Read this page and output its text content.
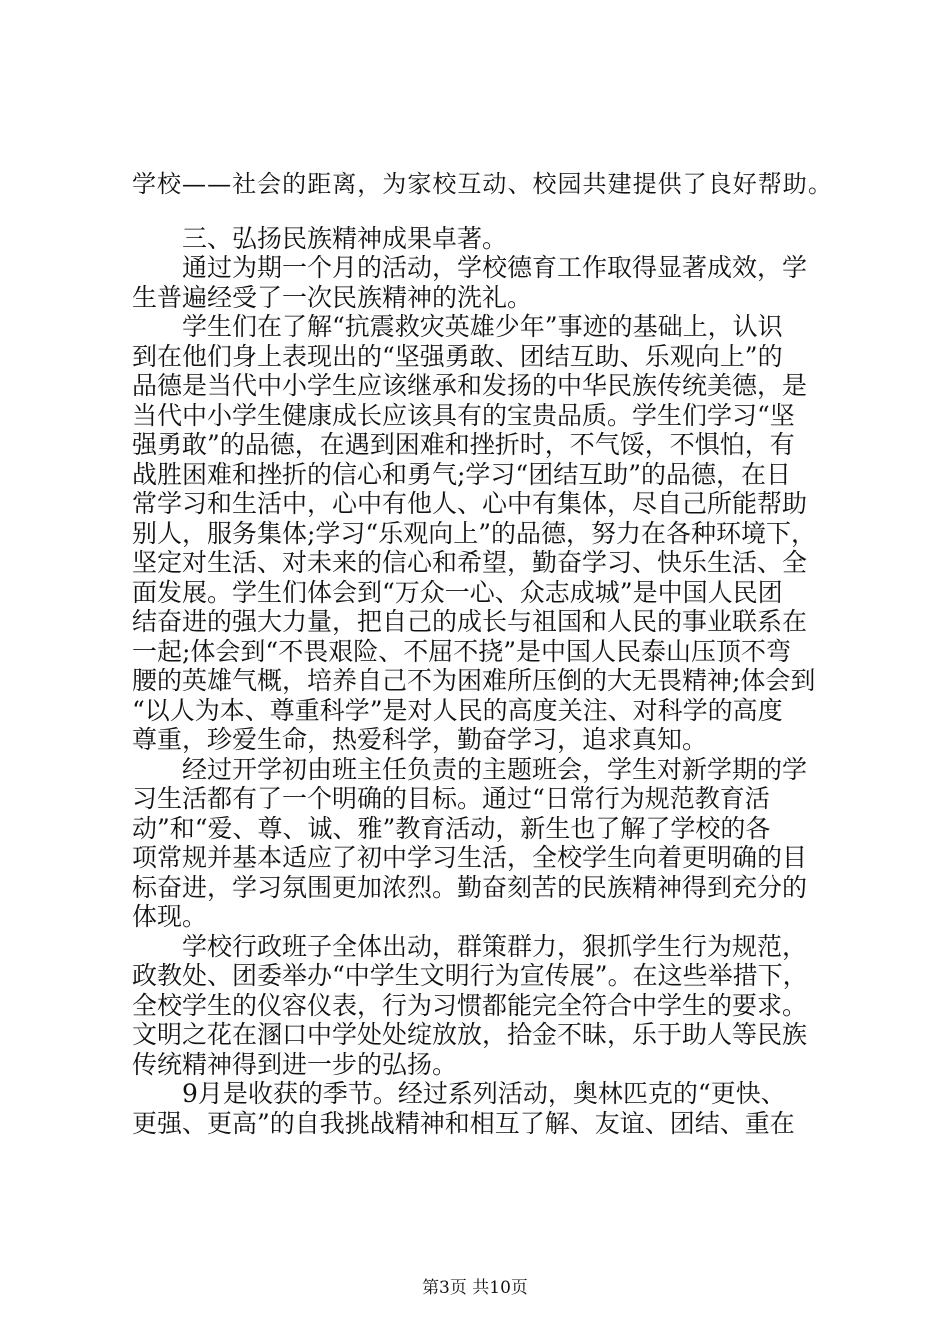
学校——社会的距离，为家校互动、校园共建提供了良好帮助。
三、弘扬民族精神成果卓著。
通过为期一个月的活动，学校德育工作取得显著成效，学
生普遍经受了一次民族精神的洗礼。
学生们在了解“抗震救灾英雄少年”事迹的基础上，认识
到在他们身上表现出的“坚强勇敢、团结互助、乐观向上”的
品德是当代中小学生应该继承和发扬的中华民族传统美德，是
当代中小学生健康成长应该具有的宝贵品质。学生们学习“坚
强勇敢”的品德，在遇到困难和挫折时，不气馁，不惧怕，有
战胜困难和挫折的信心和勇气;学习“团结互助”的品德，在日
常学习和生活中，心中有他人、心中有集体，尽自己所能帮助
别人，服务集体;学习“乐观向上”的品德，努力在各种环境下，
坚定对生活、对未来的信心和希望，勤奋学习、快乐生活、全
面发展。学生们体会到“万众一心、众志成城”是中国人民团
结奋进的强大力量，把自己的成长与祖国和人民的事业联系在
一起;体会到“不畏艰险、不屈不挠”是中国人民泰山压顶不弯
腰的英雄气概，培养自己不为困难所压倒的大无畏精神;体会到
“以人为本、尊重科学”是对人民的高度关注、对科学的高度
尊重，珍爱生命，热爱科学，勤奋学习，追求真知。
经过开学初由班主任负责的主题班会，学生对新学期的学
习生活都有了一个明确的目标。通过“日常行为规范教育活
动”和“爱、尊、诚、雅”教育活动，新生也了解了学校的各
项常规并基本适应了初中学习生活，全校学生向着更明确的目
标奋进，学习氛围更加浓烈。勤奋刻苦的民族精神得到充分的
体现。
学校行政班子全体出动，群策群力，狠抓学生行为规范，
政教处、团委举办“中学生文明行为宣传展”。在这些举措下，
全校学生的仪容仪表，行为习惯都能完全符合中学生的要求。
文明之花在溷口中学处处绽放放，拾金不昧，乐于助人等民族
传统精神得到进一步的弘扬。
9月是收获的季节。经过系列活动，奥林匹克的“更快、
更强、更高”的自我挑战精神和相互了解、友谊、团结、重在
第3页 共10页
